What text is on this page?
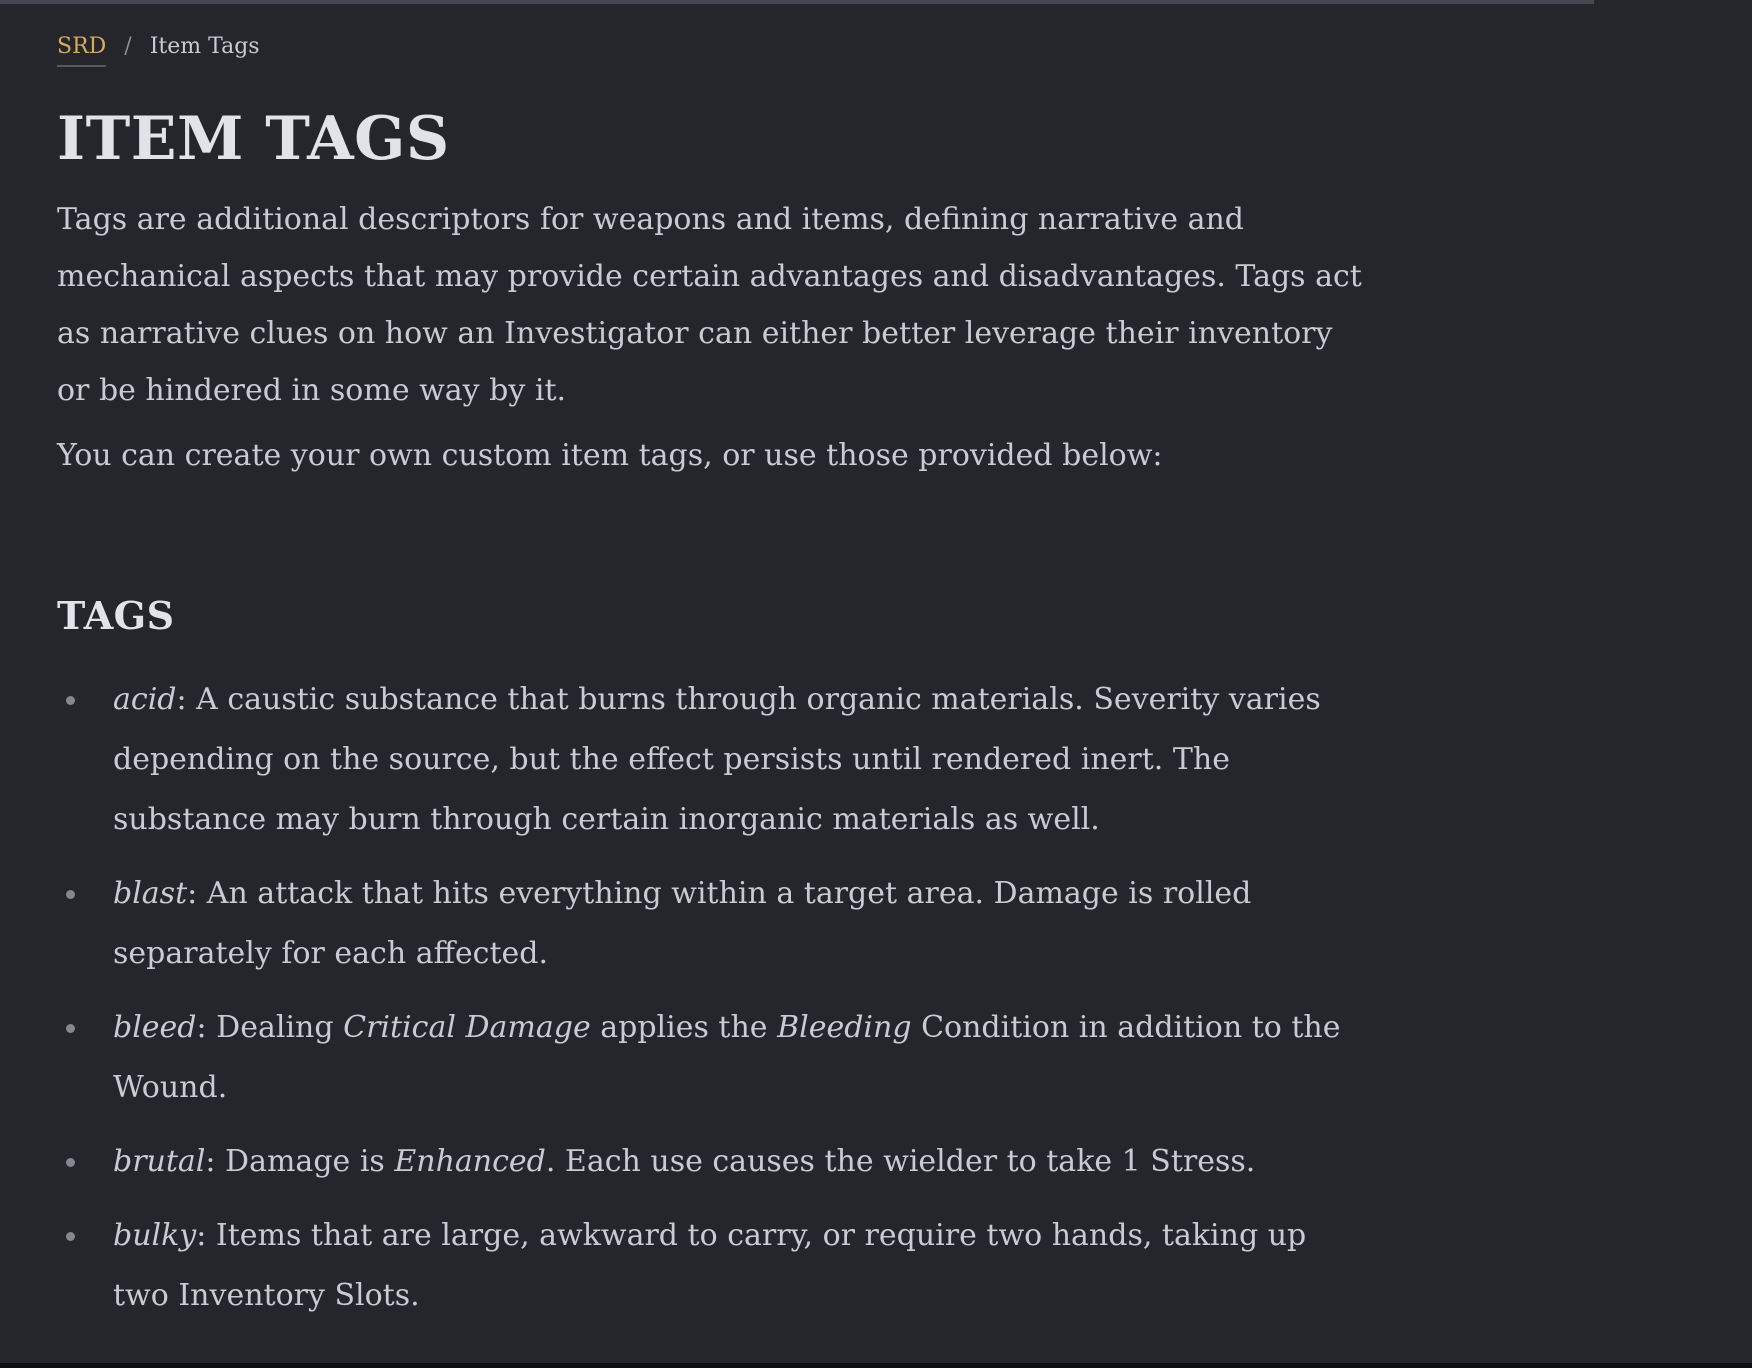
SRD / Item Tags
ITEM TAGS

Tags are additional descriptors for weapons and items, defining narrative and mechanical aspects that may provide certain advantages and disadvantages. Tags act as narrative clues on how an Investigator can either better leverage their inventory or be hindered in some way by it.

You can create your own custom item tags, or use those provided below:

TAGS
acid: A caustic substance that burns through organic materials. Severity varies depending on the source, but the effect persists until rendered inert. The substance may burn through certain inorganic materials as well.
blast: An attack that hits everything within a target area. Damage is rolled separately for each affected.
bleed: Dealing Critical Damage applies the Bleeding Condition in addition to the Wound.
brutal: Damage is Enhanced. Each use causes the wielder to take 1 Stress.
bulky: Items that are large, awkward to carry, or require two hands, taking up two Inventory Slots.
